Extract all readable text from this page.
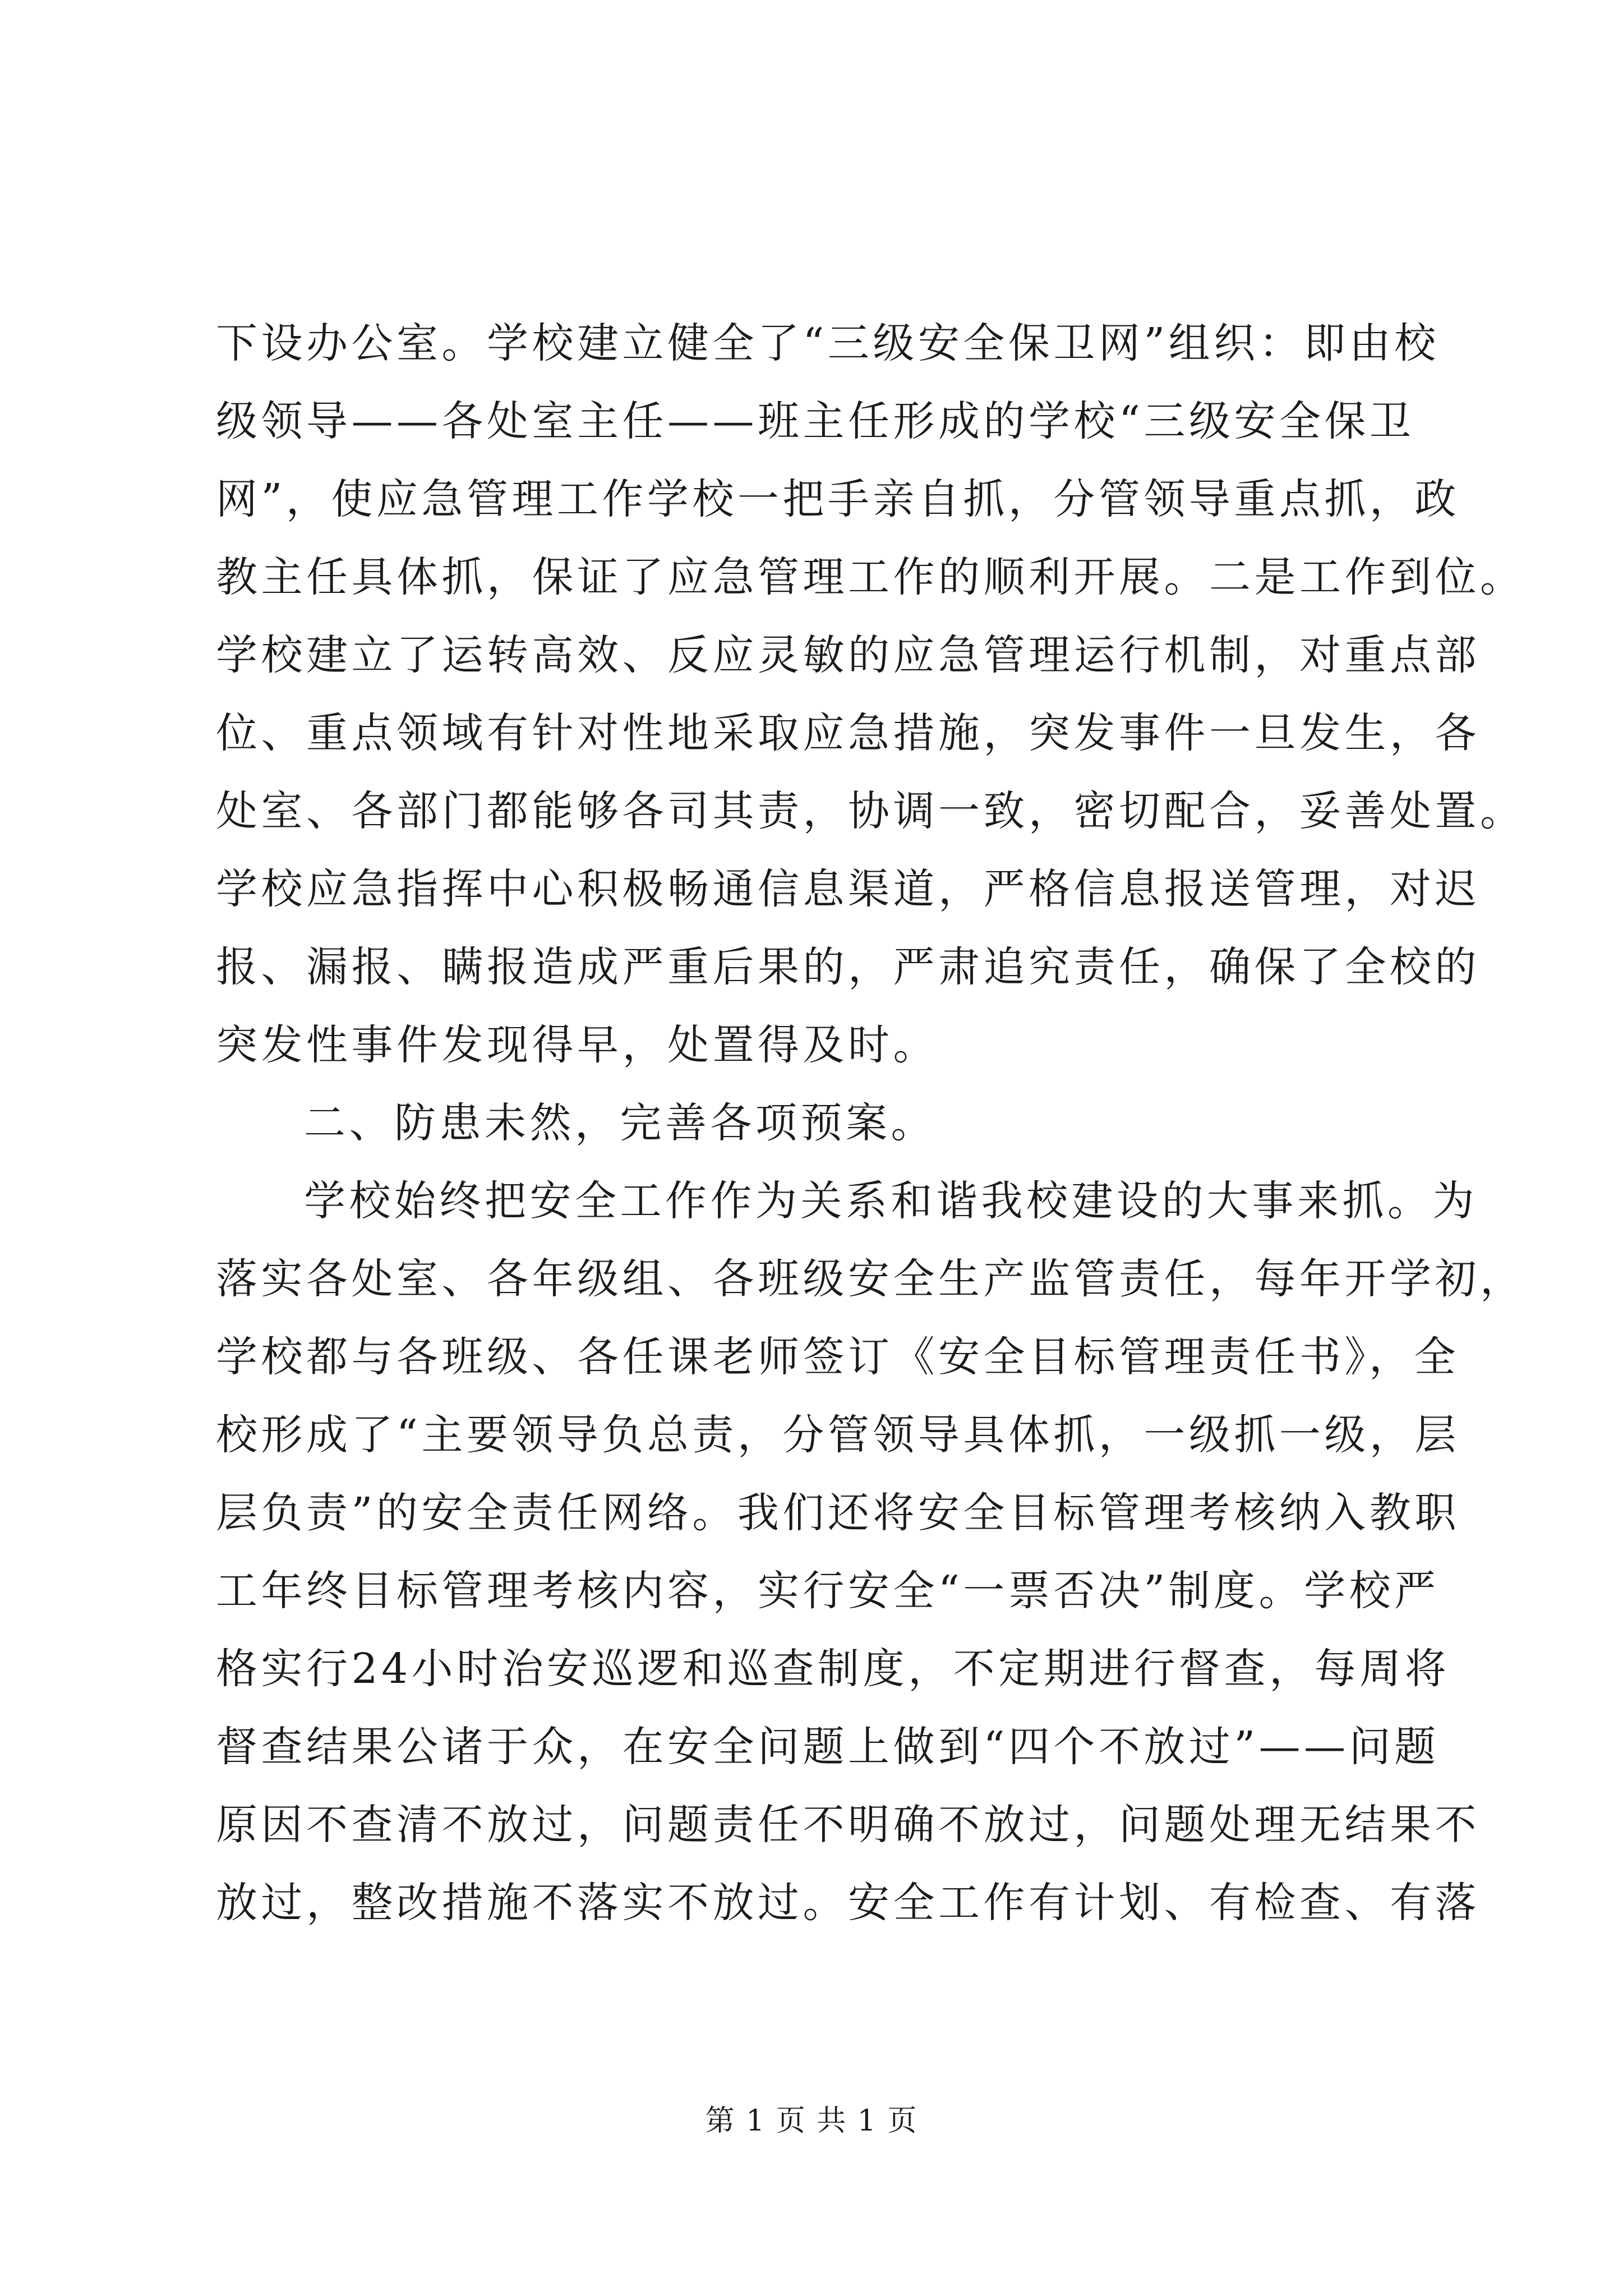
下设办公室。学校建立健全了“三级安全保卫网”组织：即由校
级领导——各处室主任——班主任形成的学校“三级安全保卫
网”，使应急管理工作学校一把手亲自抓，分管领导重点抓，政
教主任具体抓，保证了应急管理工作的顺利开展。二是工作到位。
学校建立了运转高效、反应灵敏的应急管理运行机制，对重点部
位、重点领域有针对性地采取应急措施，突发事件一旦发生，各
处室、各部门都能够各司其责，协调一致，密切配合，妥善处置。
学校应急指挥中心积极畅通信息渠道，严格信息报送管理，对迟
报、漏报、瞒报造成严重后果的，严肃追究责任，确保了全校的
突发性事件发现得早，处置得及时。
二、防患未然，完善各项预案。
学校始终把安全工作作为关系和谐我校建设的大事来抓。为
落实各处室、各年级组、各班级安全生产监管责任，每年开学初，
学校都与各班级、各任课老师签订《安全目标管理责任书》，全
校形成了“主要领导负总责，分管领导具体抓，一级抓一级，层
层负责”的安全责任网络。我们还将安全目标管理考核纳入教职
工年终目标管理考核内容，实行安全“一票否决”制度。学校严
格实行24小时治安巡逻和巡查制度，不定期进行督查，每周将
督查结果公诸于众，在安全问题上做到“四个不放过”——问题
原因不查清不放过，问题责任不明确不放过，问题处理无结果不
放过，整改措施不落实不放过。安全工作有计划、有检查、有落
第 1 页 共 1 页
